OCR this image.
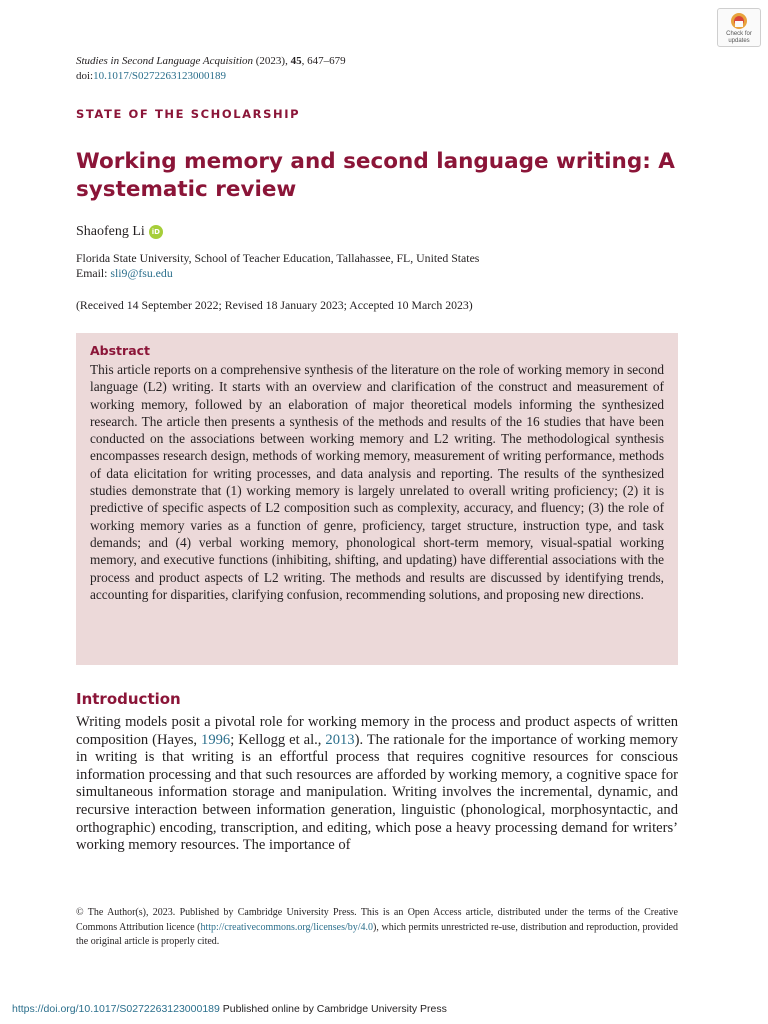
Studies in Second Language Acquisition (2023), 45, 647–679
doi:10.1017/S0272263123000189
Check for
updates
STATE OF THE SCHOLARSHIP
Working memory and second language writing: A systematic review
Shaofeng Li iD
Florida State University, School of Teacher Education, Tallahassee, FL, United States
Email: sli9@fsu.edu
(Received 14 September 2022; Revised 18 January 2023; Accepted 10 March 2023)
Abstract
This article reports on a comprehensive synthesis of the literature on the role of working memory in second language (L2) writing. It starts with an overview and clarification of the construct and measurement of working memory, followed by an elaboration of major theoretical models informing the synthesized research. The article then presents a synthesis of the methods and results of the 16 studies that have been conducted on the associations between working memory and L2 writing. The methodological synthesis encompasses research design, methods of working memory, measurement of writing performance, methods of data elicitation for writing processes, and data analysis and reporting. The results of the synthesized studies demonstrate that (1) working memory is largely unrelated to overall writing proficiency; (2) it is predictive of specific aspects of L2 composition such as complexity, accuracy, and fluency; (3) the role of working memory varies as a function of genre, proficiency, target structure, instruction type, and task demands; and (4) verbal working memory, phonological short-term memory, visual-spatial working memory, and executive functions (inhibiting, shifting, and updating) have differential associations with the process and product aspects of L2 writing. The methods and results are discussed by identifying trends, accounting for disparities, clarifying confusion, recommending solutions, and proposing new directions.
Introduction
Writing models posit a pivotal role for working memory in the process and product aspects of written composition (Hayes, 1996; Kellogg et al., 2013). The rationale for the importance of working memory in writing is that writing is an effortful process that requires cognitive resources for conscious information processing and that such resources are afforded by working memory, a cognitive space for simultaneous information storage and manipulation. Writing involves the incremental, dynamic, and recursive interaction between information generation, linguistic (phonological, morphosyntactic, and orthographic) encoding, transcription, and editing, which pose a heavy processing demand for writers’ working memory resources. The importance of
© The Author(s), 2023. Published by Cambridge University Press. This is an Open Access article, distributed under the terms of the Creative Commons Attribution licence (http://creativecommons.org/licenses/by/4.0), which permits unrestricted re-use, distribution and reproduction, provided the original article is properly cited.
https://doi.org/10.1017/S0272263123000189 Published online by Cambridge University Press
